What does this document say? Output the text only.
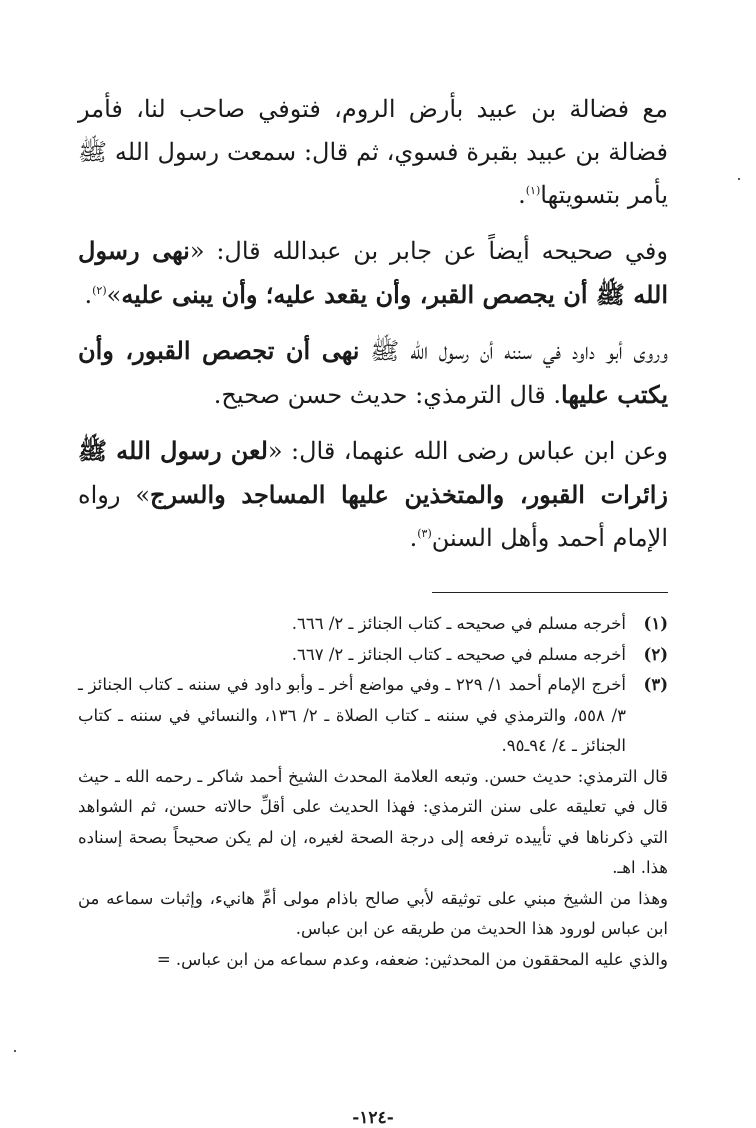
مع فضالة بن عبيد بأرض الروم، فتوفي صاحب لنا، فأمر فضالة بن عبيد بقبرة فسوي، ثم قال: سمعت رسول الله ﷺ يأمر بتسويتها$^{(١)}$.

وفي صحيحه أيضاً عن جابر بن عبدالله قال: «نهى رسول الله ﷺ أن يجصص القبر، وأن يقعد عليه؛ وأن يبنى عليه»$^{(٢)}$.

وروى أبو داود في سننه أن رسول الله ﷺ نهى أن تجصص القبور، وأن يكتب عليها. قال الترمذي: حديث حسن صحيح.

وعن ابن عباس رضى الله عنهما، قال: «لعن رسول الله ﷺ زائرات القبور، والمتخذين عليها المساجد والسرج» رواه الإمام أحمد وأهل السنن$^{(٣)}$.

(١)
أخرجه مسلم في صحيحه ـ كتاب الجنائز ـ ٢/ ٦٦٦.
(٢)
أخرجه مسلم في صحيحه ـ كتاب الجنائز ـ ٢/ ٦٦٧.
(٣)
أخرج الإمام أحمد ١/ ٢٢٩ ـ وفي مواضع أخر ـ وأبو داود في سننه ـ كتاب الجنائز ـ ٣/ ٥٥٨، والترمذي في سننه ـ كتاب الصلاة ـ ٢/ ١٣٦، والنسائي في سننه ـ كتاب الجنائز ـ ٤/ ٩٤ـ٩٥.

قال الترمذي: حديث حسن. وتبعه العلامة المحدث الشيخ أحمد شاكر ـ رحمه الله ـ حيث قال في تعليقه على سنن الترمذي: فهذا الحديث على أقلِّ حالاته حسن، ثم الشواهد التي ذكرناها في تأييده ترفعه إلى درجة الصحة لغيره، إن لم يكن صحيحاً بصحة إسناده هذا. اهـ.

وهذا من الشيخ مبني على توثيقه لأبي صالح باذام مولى أمِّ هانيء، وإثبات سماعه من ابن عباس لورود هذا الحديث من طريقه عن ابن عباس.

والذي عليه المحققون من المحدثين: ضعفه، وعدم سماعه من ابن عباس. =

-١٢٤-
